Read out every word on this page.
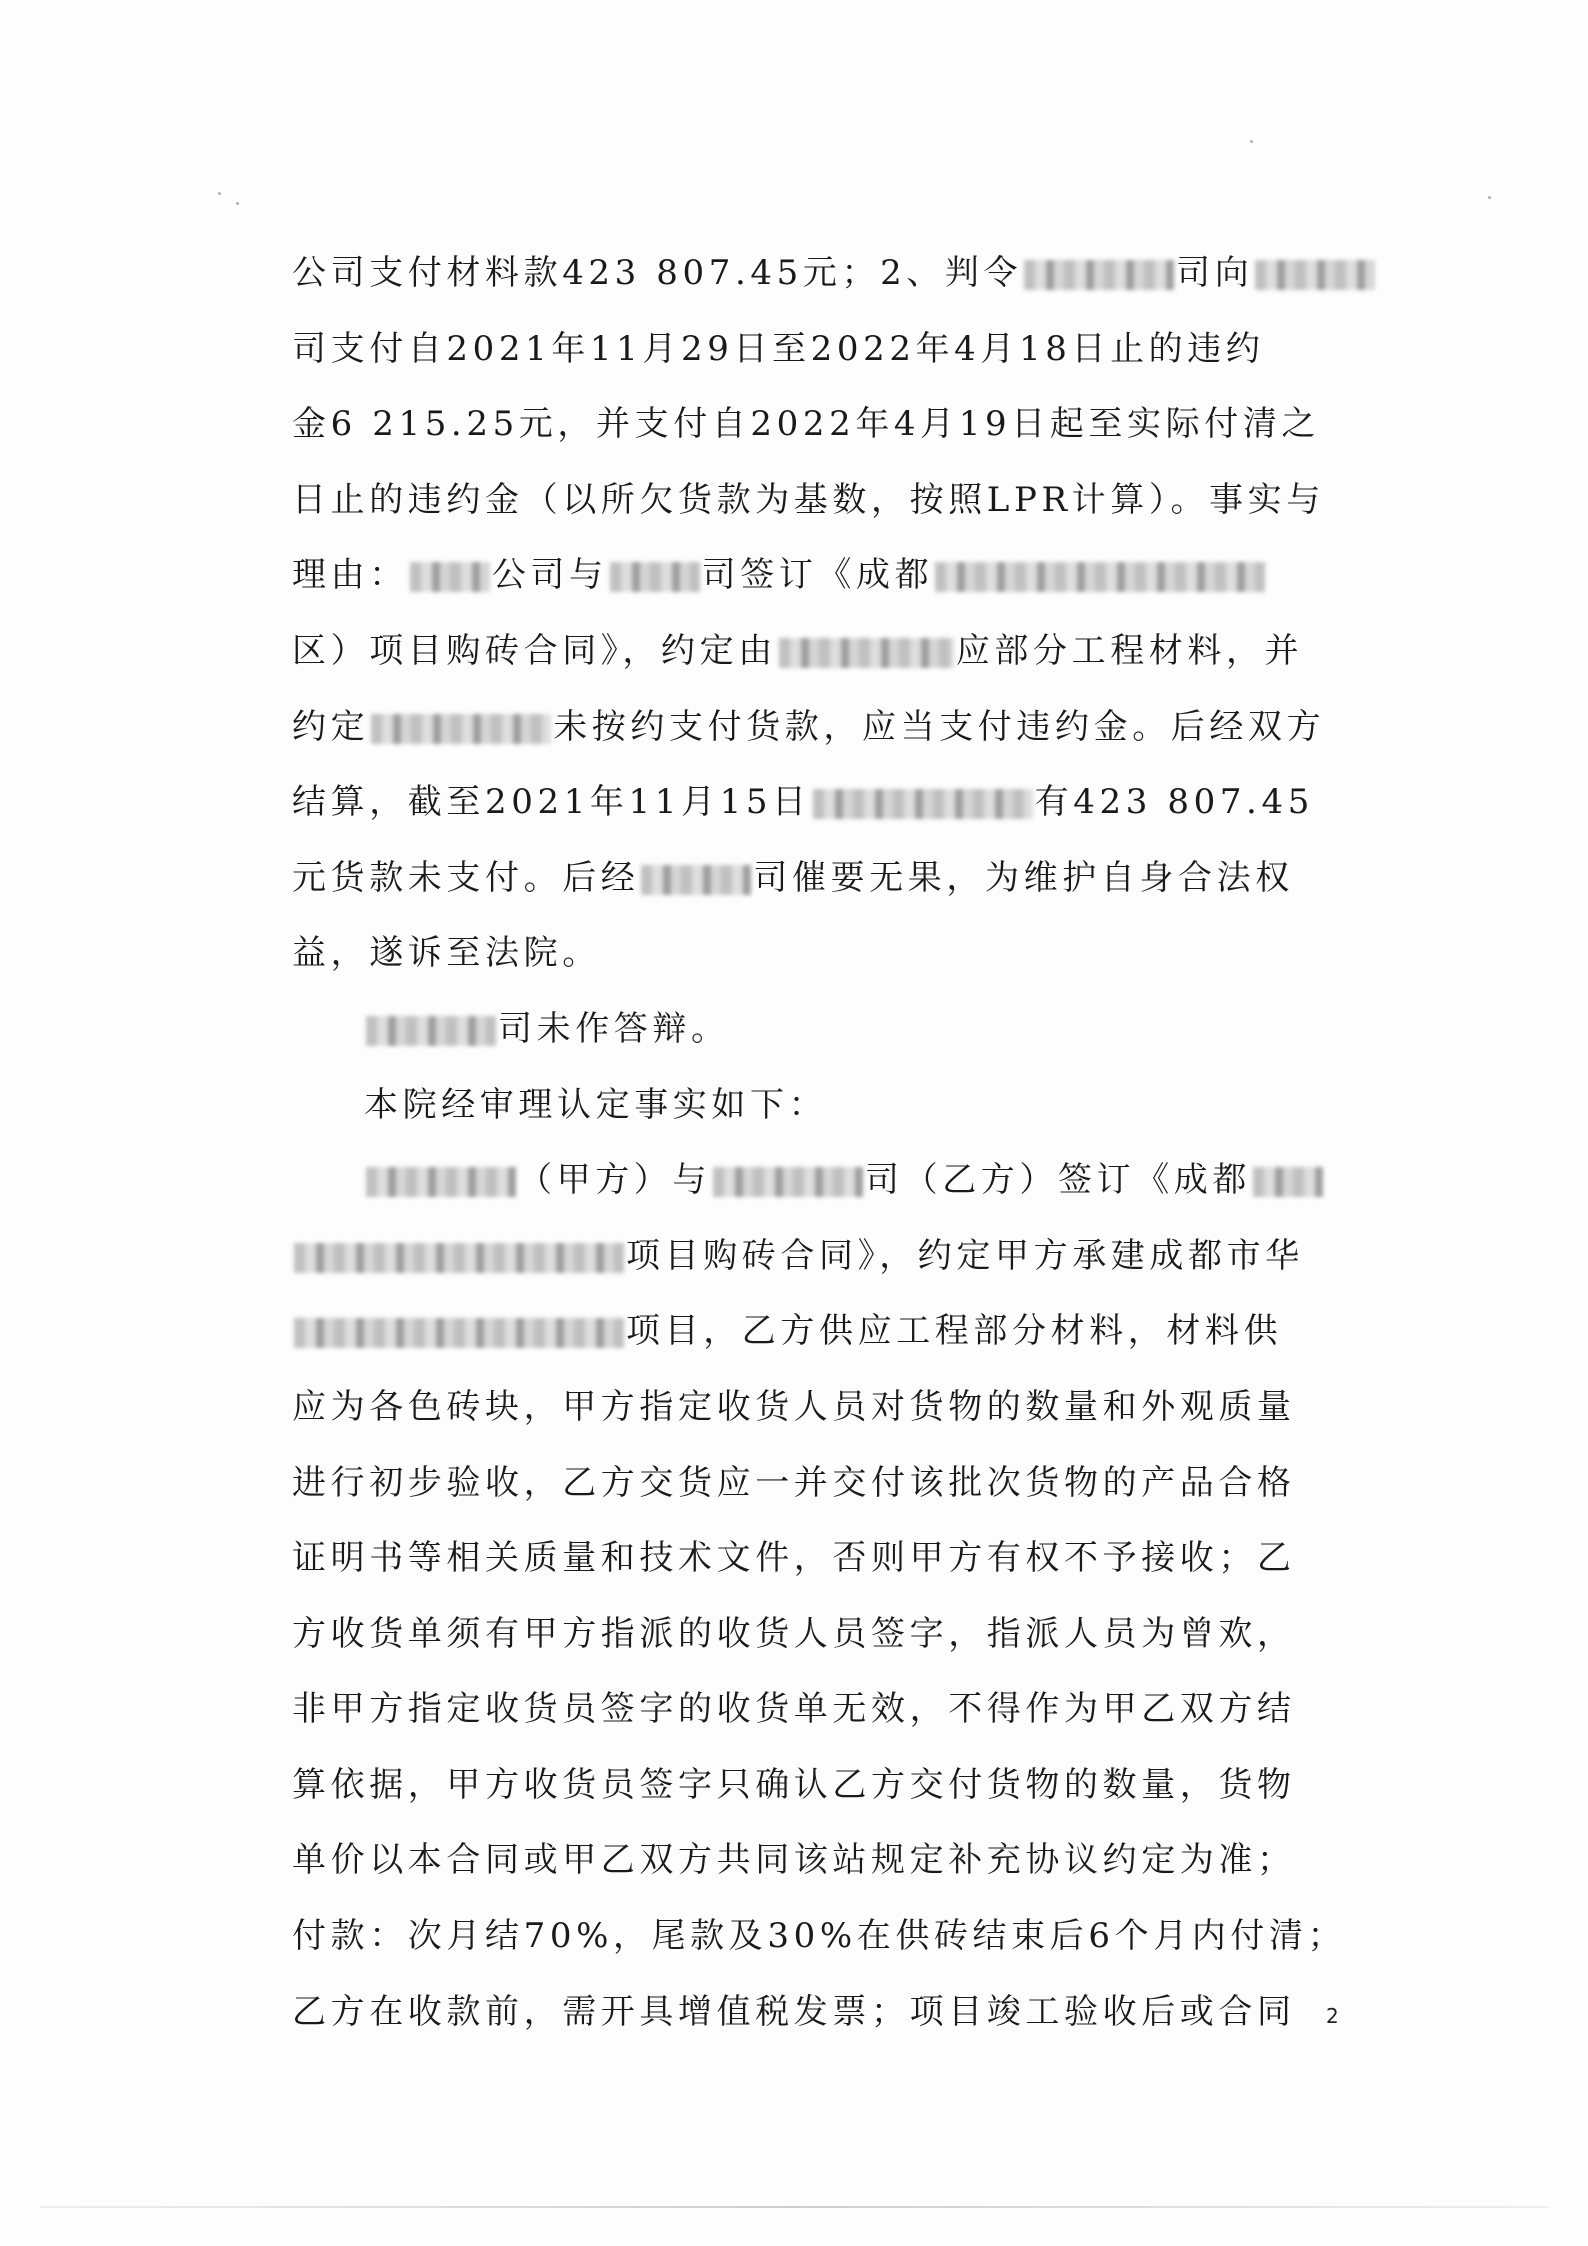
公司支付材料款423 807.45元；2、判令	司向
司支付自2021年11月29日至2022年4月18日止的违约
金6 215.25元，并支付自2022年4月19日起至实际付清之
日止的违约金（以所欠货款为基数，按照LPR计算）。事实与
理由： 公司与	司签订《成都
区）项目购砖合同》，约定由	应部分工程材料，并
约定	未按约支付货款，应当支付违约金。后经双方
结算，截至2021年11月15日	有423 807.45
元货款未支付。后经	司催要无果，为维护自身合法权
益，遂诉至法院。
司未作答辩。
本院经审理认定事实如下：
（甲方）与	司（乙方）签订《成都
项目购砖合同》，约定甲方承建成都市华
项目，乙方供应工程部分材料，材料供
应为各色砖块，甲方指定收货人员对货物的数量和外观质量
进行初步验收，乙方交货应一并交付该批次货物的产品合格
证明书等相关质量和技术文件，否则甲方有权不予接收；乙
方收货单须有甲方指派的收货人员签字，指派人员为曾欢，
非甲方指定收货员签字的收货单无效，不得作为甲乙双方结
算依据，甲方收货员签字只确认乙方交付货物的数量，货物
单价以本合同或甲乙双方共同该站规定补充协议约定为准；
付款：次月结70%，尾款及30%在供砖结束后6个月内付清；
乙方在收款前，需开具增值税发票；项目竣工验收后或合同	2
